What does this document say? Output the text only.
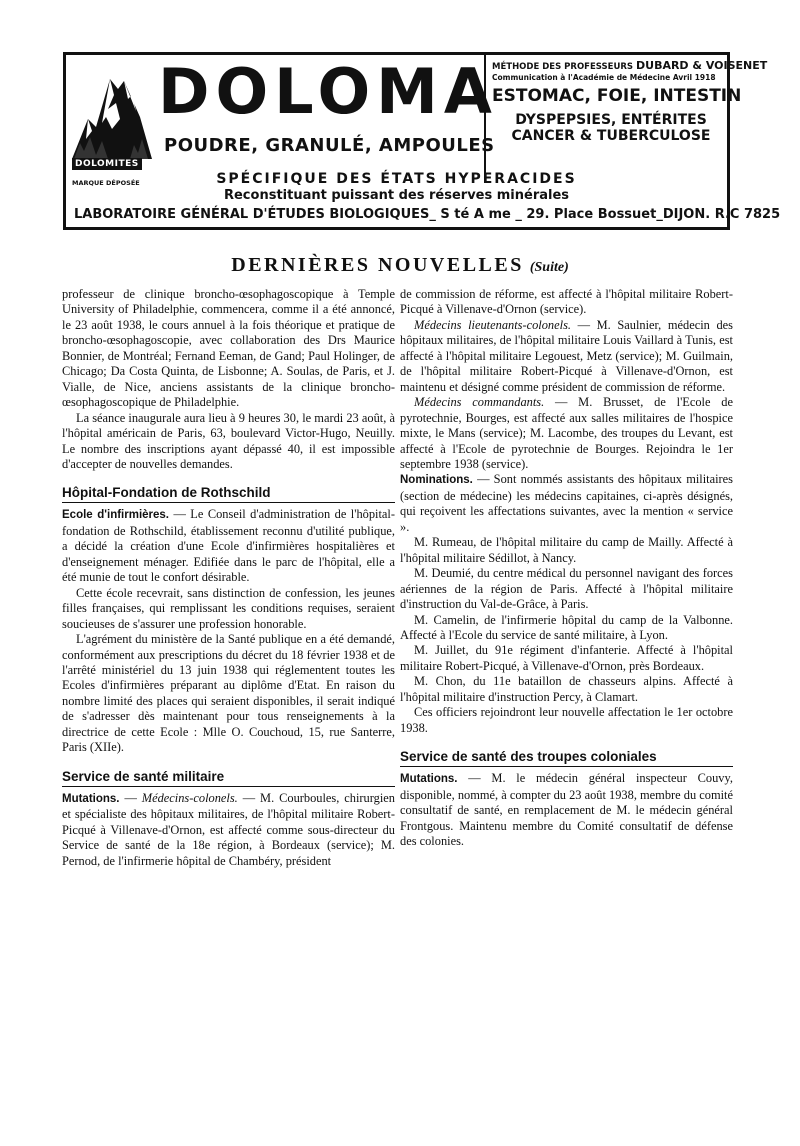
DOLOMITES
MARQUE DÉPOSÉE
DOLOMA
POUDRE, GRANULÉ, AMPOULES
MÉTHODE DES PROFESSEURS DUBARD & VOISENET
Communication à l'Académie de Médecine Avril 1918
ESTOMAC, FOIE, INTESTIN
DYSPEPSIES, ENTÉRITES
CANCER & TUBERCULOSE
SPÉCIFIQUE DES ÉTATS HYPERACIDES
Reconstituant puissant des réserves minérales
LABORATOIRE GÉNÉRAL D'ÉTUDES BIOLOGIQUES_ S té A me _ 29. Place Bossuet_DIJON. R.C 7825
DERNIÈRES NOUVELLES (Suite)

professeur de clinique broncho-œsophagoscopique à Temple University of Philadelphie, commencera, comme il a été annoncé, le 23 août 1938, le cours annuel à la fois théorique et pratique de broncho-œsophagoscopie, avec collaboration des Drs Maurice Bonnier, de Montréal; Fernand Eeman, de Gand; Paul Holinger, de Chicago; Da Costa Quinta, de Lisbonne; A. Soulas, de Paris, et J. Vialle, de Nice, anciens assistants de la clinique broncho-œsophagoscopique de Philadelphie.

La séance inaugurale aura lieu à 9 heures 30, le mardi 23 août, à l'hôpital américain de Paris, 63, boulevard Victor-Hugo, Neuilly. Le nombre des inscriptions ayant dépassé 40, il est impossible d'accepter de nouvelles demandes.

Hôpital-Fondation de Rothschild

Ecole d'infirmières. — Le Conseil d'administration de l'hôpital-fondation de Rothschild, établissement reconnu d'utilité publique, a décidé la création d'une Ecole d'infirmières hospitalières et d'enseignement ménager. Edifiée dans le parc de l'hôpital, elle a été munie de tout le confort désirable.

Cette école recevrait, sans distinction de confession, les jeunes filles françaises, qui remplissant les conditions requises, seraient soucieuses de s'assurer une profession honorable.

L'agrément du ministère de la Santé publique en a été demandé, conformément aux prescriptions du décret du 18 février 1938 et de l'arrêté ministériel du 13 juin 1938 qui réglementent toutes les Ecoles d'infirmières préparant au diplôme d'Etat. En raison du nombre limité des places qui seraient disponibles, il serait indiqué de s'adresser dès maintenant pour tous renseignements à la directrice de cette Ecole : Mlle O. Couchoud, 15, rue Santerre, Paris (XIIe).

Service de santé militaire

Mutations. — Médecins-colonels. — M. Courboules, chirurgien et spécialiste des hôpitaux militaires, de l'hôpital militaire Robert-Picqué à Villenave-d'Ornon, est affecté comme sous-directeur du Service de santé de la 18e région, à Bordeaux (service); M. Pernod, de l'infirmerie hôpital de Chambéry, président

de commission de réforme, est affecté à l'hôpital militaire Robert-Picqué à Villenave-d'Ornon (service).

Médecins lieutenants-colonels. — M. Saulnier, médecin des hôpitaux militaires, de l'hôpital militaire Louis Vaillard à Tunis, est affecté à l'hôpital militaire Legouest, Metz (service); M. Guilmain, de l'hôpital militaire Robert-Picqué à Villenave-d'Ornon, est maintenu et désigné comme président de commission de réforme.

Médecins commandants. — M. Brusset, de l'Ecole de pyrotechnie, Bourges, est affecté aux salles militaires de l'hospice mixte, le Mans (service); M. Lacombe, des troupes du Levant, est affecté à l'Ecole de pyrotechnie de Bourges. Rejoindra le 1er septembre 1938 (service).

Nominations. — Sont nommés assistants des hôpitaux militaires (section de médecine) les médecins capitaines, ci-après désignés, qui reçoivent les affectations suivantes, avec la mention « service ».

M. Rumeau, de l'hôpital militaire du camp de Mailly. Affecté à l'hôpital militaire Sédillot, à Nancy.

M. Deumié, du centre médical du personnel navigant des forces aériennes de la région de Paris. Affecté à l'hôpital militaire d'instruction du Val-de-Grâce, à Paris.

M. Camelin, de l'infirmerie hôpital du camp de la Valbonne. Affecté à l'Ecole du service de santé militaire, à Lyon.

M. Juillet, du 91e régiment d'infanterie. Affecté à l'hôpital militaire Robert-Picqué, à Villenave-d'Ornon, près Bordeaux.

M. Chon, du 11e bataillon de chasseurs alpins. Affecté à l'hôpital militaire d'instruction Percy, à Clamart.

Ces officiers rejoindront leur nouvelle affectation le 1er octobre 1938.

Service de santé des troupes coloniales

Mutations. — M. le médecin général inspecteur Couvy, disponible, nommé, à compter du 23 août 1938, membre du comité consultatif de santé, en remplacement de M. le médecin général Frontgous. Maintenu membre du Comité consultatif de défense des colonies.
